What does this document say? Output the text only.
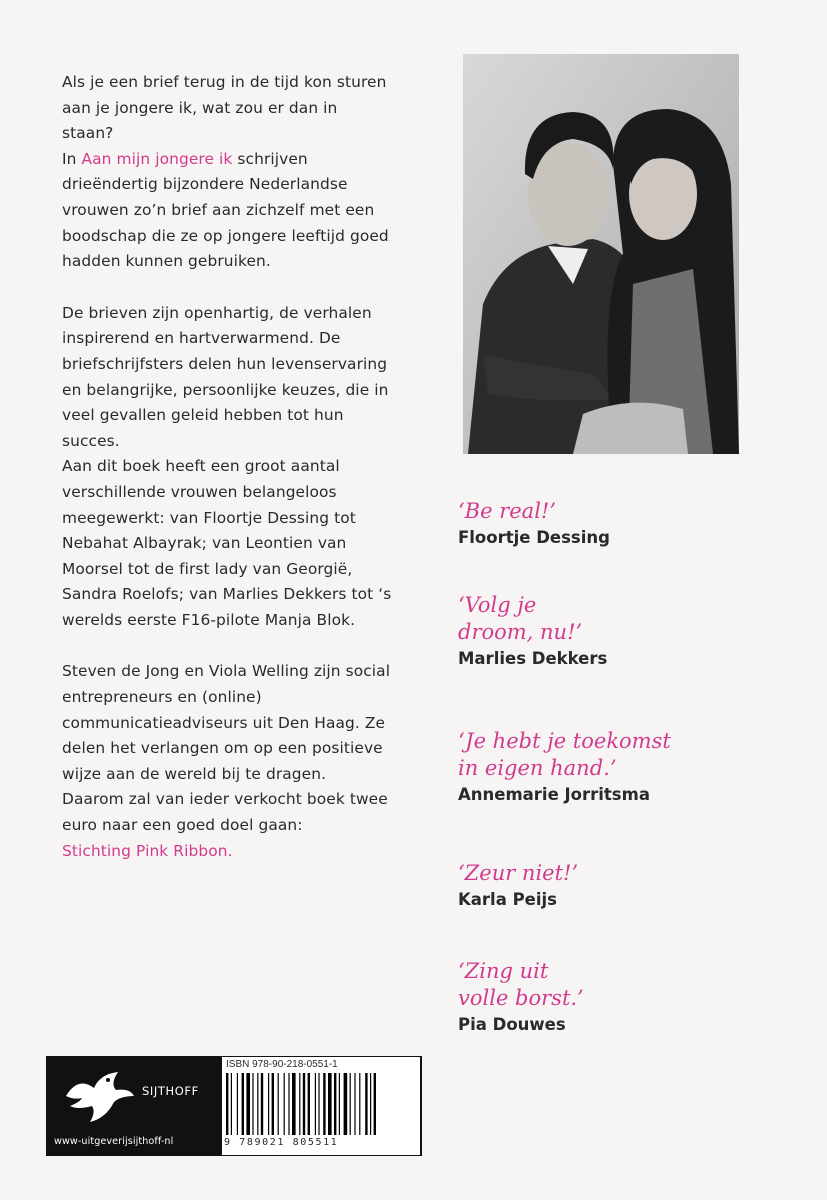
Als je een brief terug in de tijd kon sturen aan je jongere ik, wat zou er dan in staan?

In Aan mijn jongere ik schrijven drieëndertig bijzondere Nederlandse vrouwen zo’n brief aan zichzelf met een boodschap die ze op jongere leeftijd goed hadden kunnen gebruiken.

De brieven zijn openhartig, de verhalen inspirerend en hartverwarmend. De briefschrijfsters delen hun levenservaring en belangrijke, persoonlijke keuzes, die in veel gevallen geleid hebben tot hun succes.

Aan dit boek heeft een groot aantal verschillende vrouwen belangeloos meegewerkt: van Floortje Dessing tot Nebahat Albayrak; van Leontien van Moorsel tot de first lady van Georgië, Sandra Roelofs; van Marlies Dekkers tot ‘s werelds eerste F16-pilote Manja Blok.

Steven de Jong en Viola Welling zijn social entrepreneurs en (online) communicatieadviseurs uit Den Haag. Ze delen het verlangen om op een positieve wijze aan de wereld bij te dragen. Daarom zal van ieder verkocht boek twee euro naar een goed doel gaan:
Stichting Pink Ribbon.

‘Be real!’
Floortje Dessing
‘Volg je
droom, nu!’
Marlies Dekkers
‘Je hebt je toekomst
in eigen hand.’
Annemarie Jorritsma
‘Zeur niet!’
Karla Peijs
‘Zing uit
volle borst.’
Pia Douwes
SIJTHOFF
www-uitgeverijsijthoff-nl
ISBN 978-90-218-0551-1
9 789021 805511
